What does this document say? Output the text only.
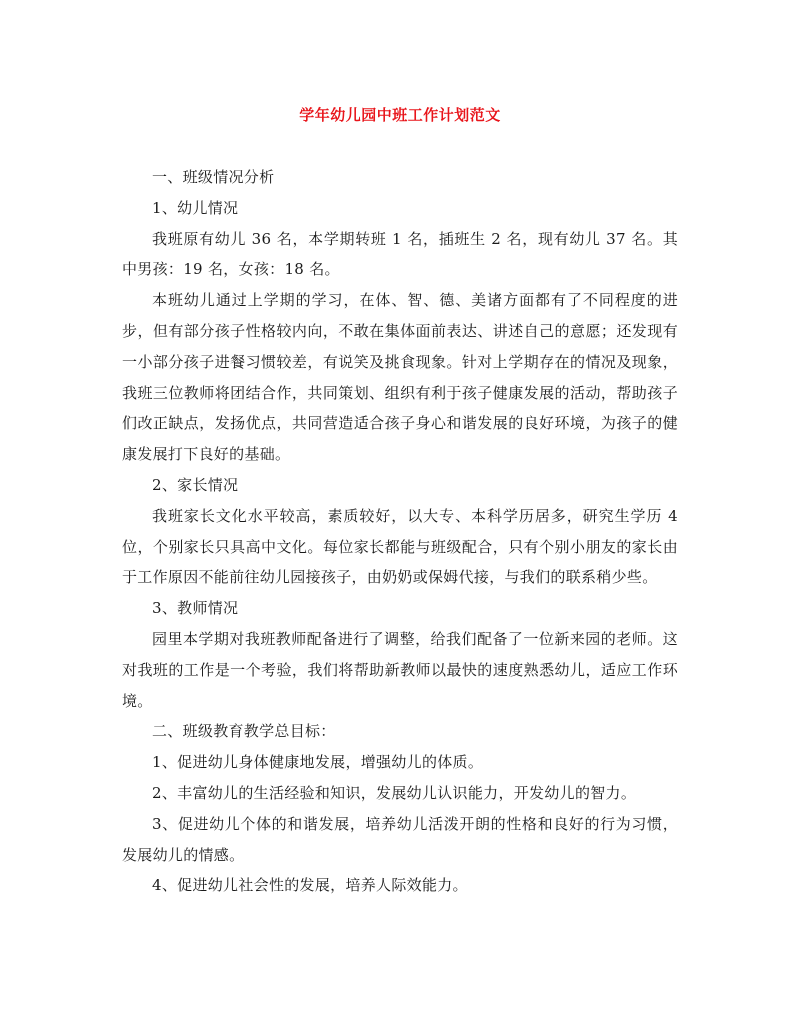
学年幼儿园中班工作计划范文

一、班级情况分析

1、幼儿情况

我班原有幼儿 36 名，本学期转班 1 名，插班生 2 名，现有幼儿 37 名。其中男孩：19 名，女孩：18 名。

本班幼儿通过上学期的学习，在体、智、德、美诸方面都有了不同程度的进步，但有部分孩子性格较内向，不敢在集体面前表达、讲述自己的意愿；还发现有一小部分孩子进餐习惯较差，有说笑及挑食现象。针对上学期存在的情况及现象，我班三位教师将团结合作，共同策划、组织有利于孩子健康发展的活动，帮助孩子们改正缺点，发扬优点，共同营造适合孩子身心和谐发展的良好环境，为孩子的健康发展打下良好的基础。

2、家长情况

我班家长文化水平较高，素质较好，以大专、本科学历居多，研究生学历 4 位，个别家长只具高中文化。每位家长都能与班级配合，只有个别小朋友的家长由于工作原因不能前往幼儿园接孩子，由奶奶或保姆代接，与我们的联系稍少些。

3、教师情况

园里本学期对我班教师配备进行了调整，给我们配备了一位新来园的老师。这对我班的工作是一个考验，我们将帮助新教师以最快的速度熟悉幼儿，适应工作环境。

二、班级教育教学总目标：

1、促进幼儿身体健康地发展，增强幼儿的体质。

2、丰富幼儿的生活经验和知识，发展幼儿认识能力，开发幼儿的智力。

3、促进幼儿个体的和谐发展，培养幼儿活泼开朗的性格和良好的行为习惯，发展幼儿的情感。

4、促进幼儿社会性的发展，培养人际效能力。
